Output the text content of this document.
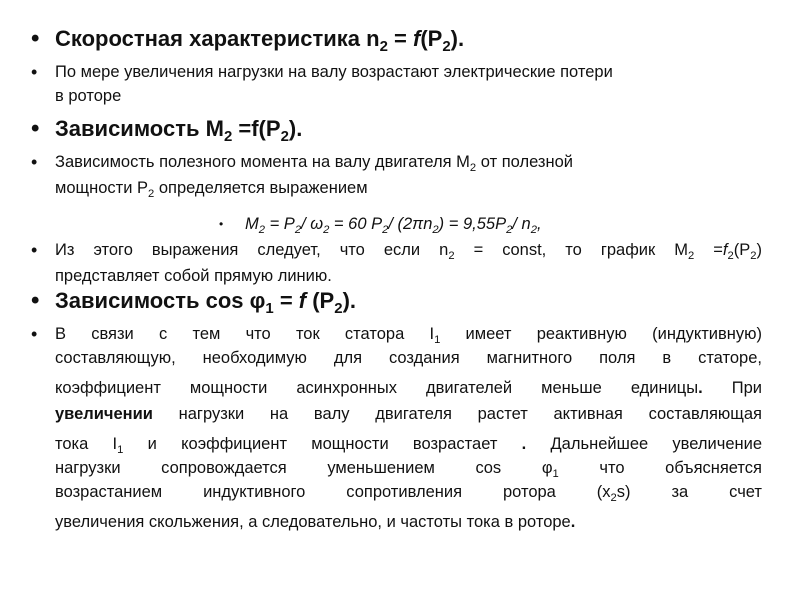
• Скоростная характеристика $n_2 = f(P_2)$.
• По мере увеличения нагрузки на валу возрастают электрические потери
в роторе
• Зависимость $M_2 =f(P_2)$.
• Зависимость полезного момента на валу двигателя $M_2$ от полезной
мощности $P_2$ определяется выражением
• $M_2 = P_2/$ $\omega_2 = 60$ $P_2/$ $(2\pi n_2) = 9,55P_2/$ $n_2$,
• Из этого выражения следует, что если $n_2$ = const, то график $M_2 =f_2(P_2)$
представляет собой прямую линию.
• Зависимость $\cos \varphi_1 = f$ $(P_2)$.
• В связи с тем что ток статора $I_1$ имеет реактивную (индуктивную)
составляющую, необходимую для создания магнитного поля в статоре,
коэффициент мощности асинхронных двигателей меньше единицы. При
увеличении нагрузки на валу двигателя растет активная составляющая
тока $I_1$ и коэффициент мощности возрастает . Дальнейшее увеличение
нагрузки сопровождается уменьшением $\cos \varphi_1$ что объясняется
возрастанием индуктивного сопротивления ротора $(x_2s)$ за счет
увеличения скольжения, а следовательно, и частоты тока в роторе.
